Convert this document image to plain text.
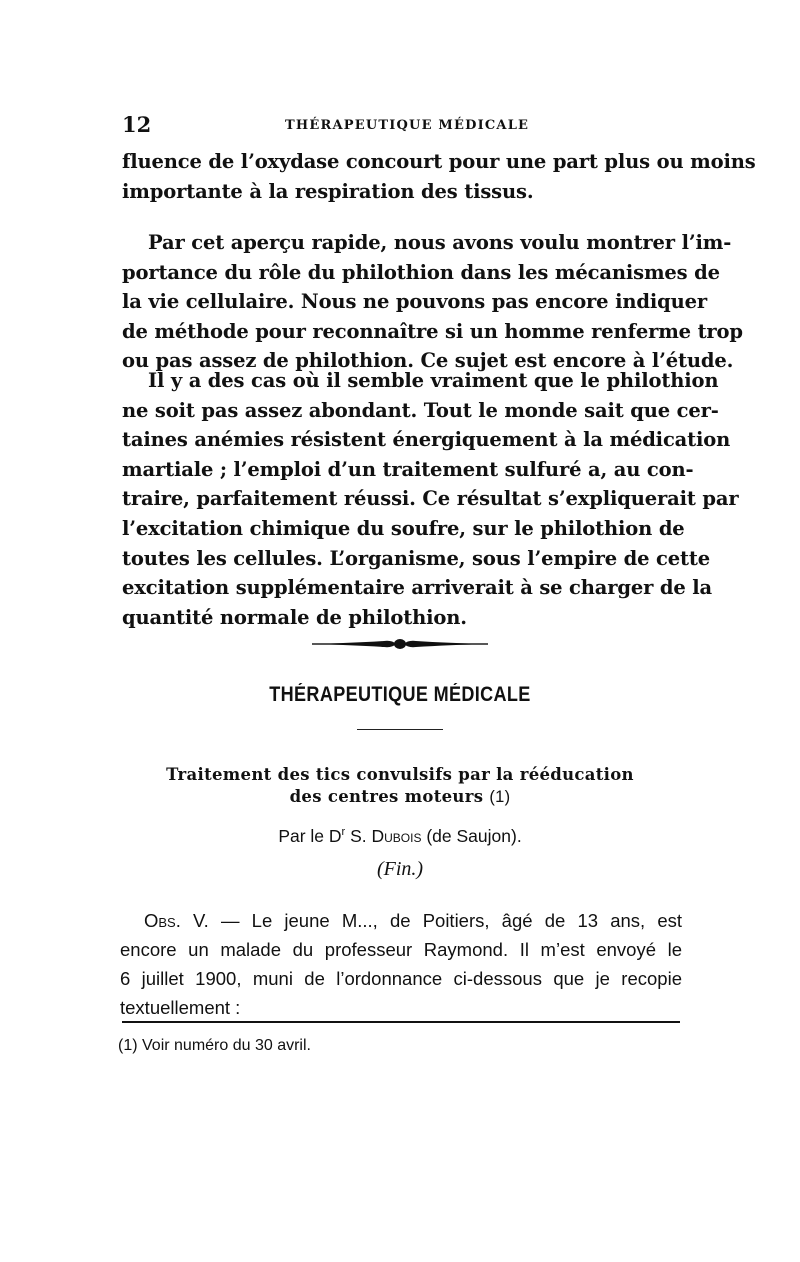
12	THÉRAPEUTIQUE MÉDICALE
fluence de l’oxydase concourt pour une part plus ou moins
importante à la respiration des tissus.
Par cet aperçu rapide, nous avons voulu montrer l’im-
portance du rôle du philothion dans les mécanismes de
la vie cellulaire. Nous ne pouvons pas encore indiquer
de méthode pour reconnaître si un homme renferme trop
ou pas assez de philothion. Ce sujet est encore à l’étude.
Il y a des cas où il semble vraiment que le philothion
ne soit pas assez abondant. Tout le monde sait que cer-
taines anémies résistent énergiquement à la médication
martiale ; l’emploi d’un traitement sulfuré a, au con-
traire, parfaitement réussi. Ce résultat s’expliquerait par
l’excitation chimique du soufre, sur le philothion de
toutes les cellules. L’organisme, sous l’empire de cette
excitation supplémentaire arriverait à se charger de la
quantité normale de philothion.
THÉRAPEUTIQUE MÉDICALE
Traitement des tics convulsifs par la rééducation
des centres moteurs (1)
Par le $D^r$ S. Dubois (de Saujon).
(Fin.)
Obs. V. — Le jeune M..., de Poitiers, âgé de 13 ans, est
encore un malade du professeur Raymond. Il m’est envoyé le
6 juillet 1900, muni de l’ordonnance ci-dessous que je recopie
textuellement :
(1) Voir numéro du 30 avril.
